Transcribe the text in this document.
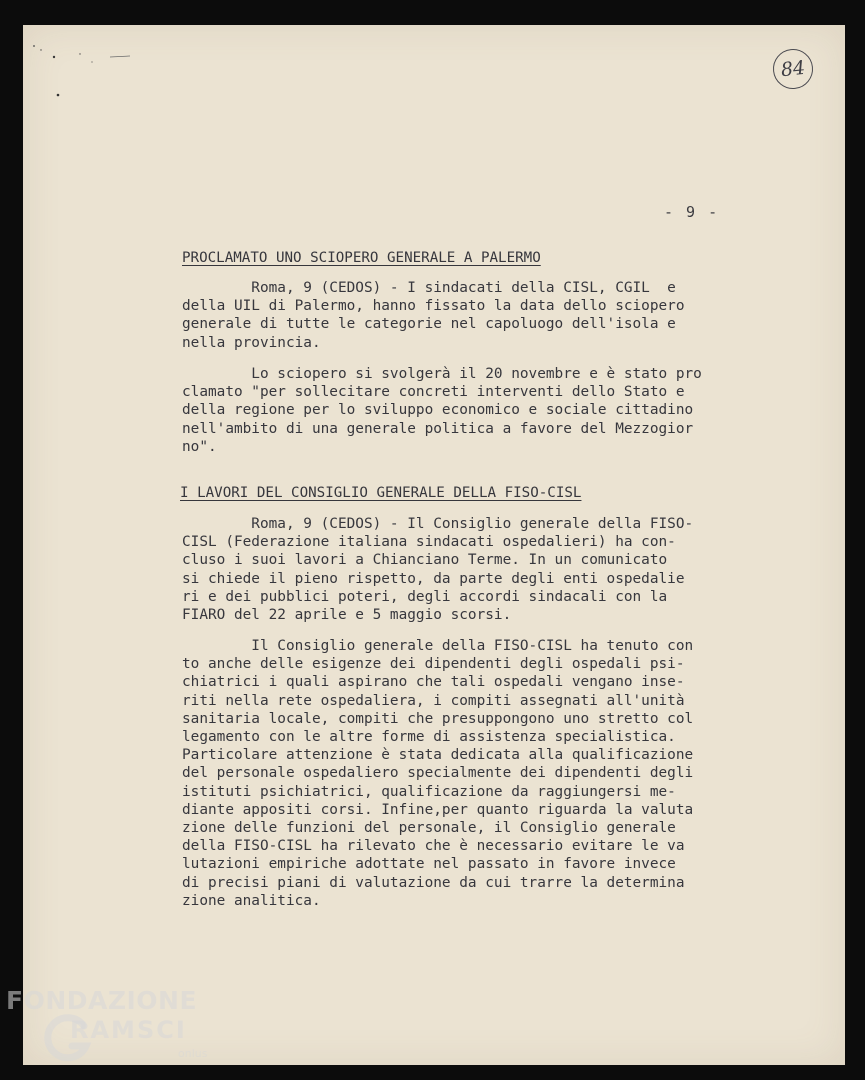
84
- 9 -
PROCLAMATO UNO SCIOPERO GENERALE A PALERMO
Roma, 9 (CEDOS) - I sindacati della CISL, CGIL  e
della UIL di Palermo, hanno fissato la data dello sciopero
generale di tutte le categorie nel capoluogo dell'isola e
nella provincia.
Lo sciopero si svolgerà il 20 novembre e è stato pro
clamato "per sollecitare concreti interventi dello Stato e
della regione per lo sviluppo economico e sociale cittadino
nell'ambito di una generale politica a favore del Mezzogior
no".
I LAVORI DEL CONSIGLIO GENERALE DELLA FISO-CISL
Roma, 9 (CEDOS) - Il Consiglio generale della FISO-
CISL (Federazione italiana sindacati ospedalieri) ha con-
cluso i suoi lavori a Chianciano Terme. In un comunicato
si chiede il pieno rispetto, da parte degli enti ospedalie
ri e dei pubblici poteri, degli accordi sindacali con la
FIARO del 22 aprile e 5 maggio scorsi.
Il Consiglio generale della FISO-CISL ha tenuto con
to anche delle esigenze dei dipendenti degli ospedali psi-
chiatrici i quali aspirano che tali ospedali vengano inse-
riti nella rete ospedaliera, i compiti assegnati all'unità
sanitaria locale, compiti che presuppongono uno stretto col
legamento con le altre forme di assistenza specialistica.
Particolare attenzione è stata dedicata alla qualificazione
del personale ospedaliero specialmente dei dipendenti degli
istituti psichiatrici, qualificazione da raggiungersi me-
diante appositi corsi. Infine,per quanto riguarda la valuta
zione delle funzioni del personale, il Consiglio generale
della FISO-CISL ha rilevato che è necessario evitare le va
lutazioni empiriche adottate nel passato in favore invece
di precisi piani di valutazione da cui trarre la determina
zione analitica.
FONDAZIONE
RAMSCI
onlus
